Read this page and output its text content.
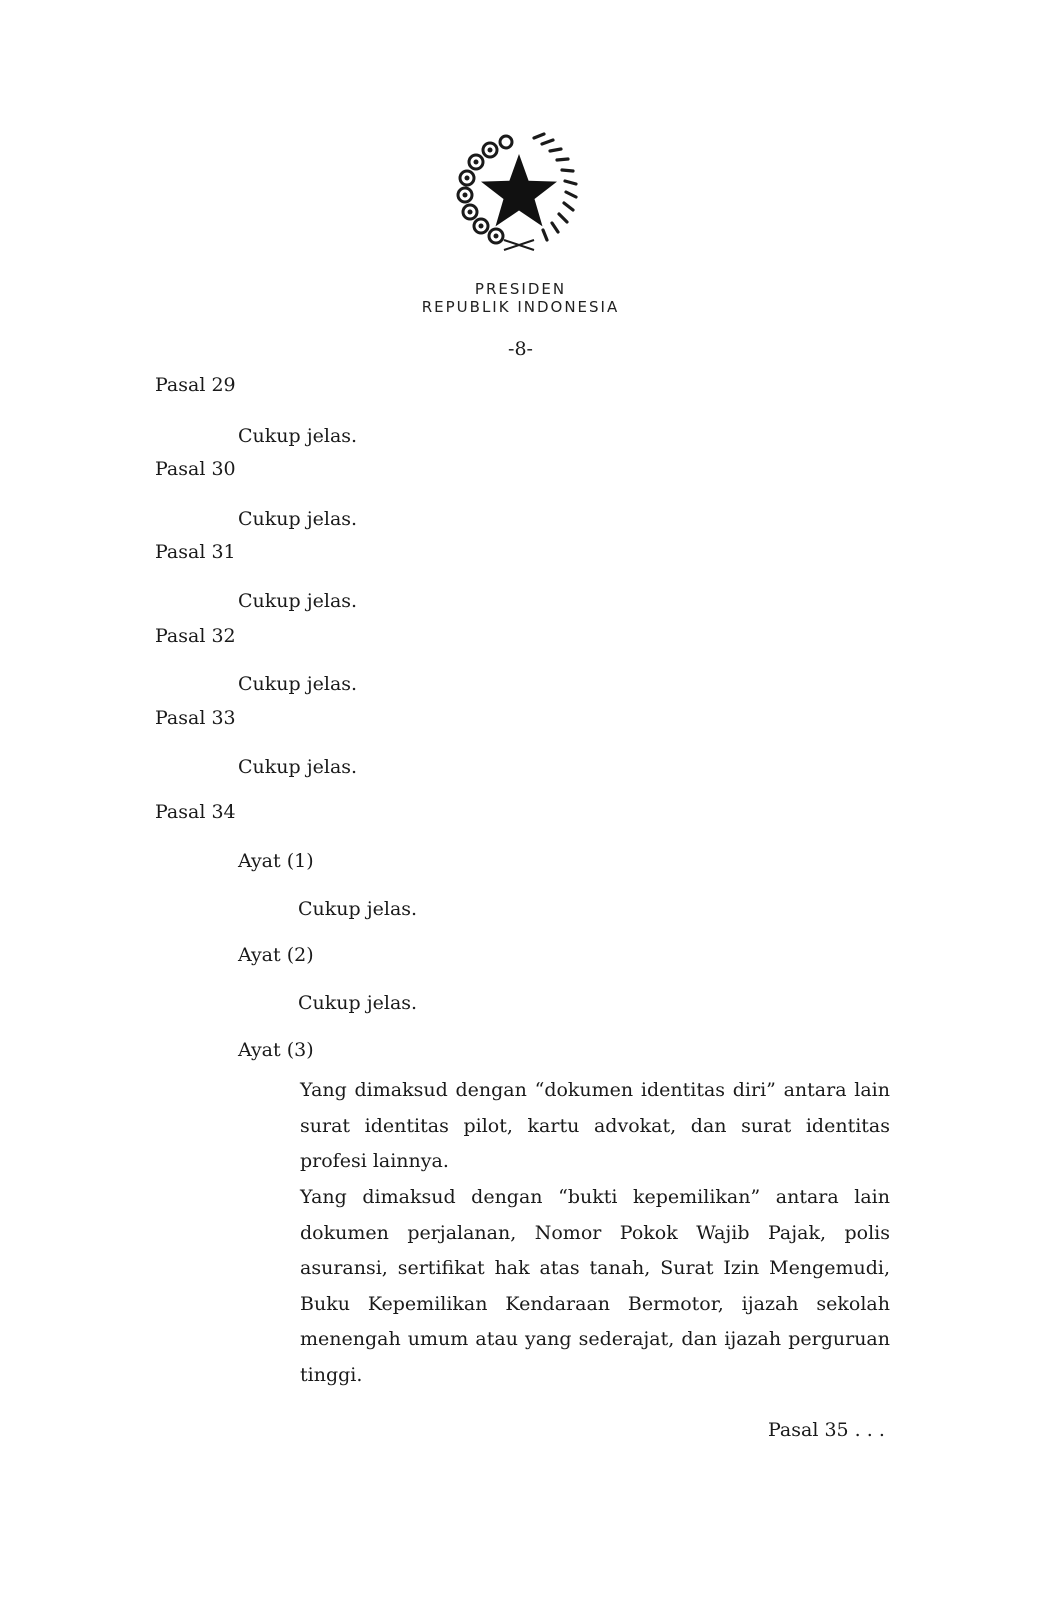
PRESIDEN
REPUBLIK INDONESIA
-8-
Pasal 29
Cukup jelas.
Pasal 30
Cukup jelas.
Pasal 31
Cukup jelas.
Pasal 32
Cukup jelas.
Pasal 33
Cukup jelas.
Pasal 34
Ayat (1)
Cukup jelas.
Ayat (2)
Cukup jelas.
Ayat (3)
Yang dimaksud dengan “dokumen identitas diri” antara lain surat identitas pilot, kartu advokat, dan surat identitas profesi lainnya.
Yang dimaksud dengan “bukti kepemilikan” antara lain dokumen perjalanan, Nomor Pokok Wajib Pajak, polis asuransi, sertifikat hak atas tanah, Surat Izin Mengemudi, Buku Kepemilikan Kendaraan Bermotor, ijazah sekolah menengah umum atau yang sederajat, dan ijazah perguruan tinggi.
Pasal 35 . . .
